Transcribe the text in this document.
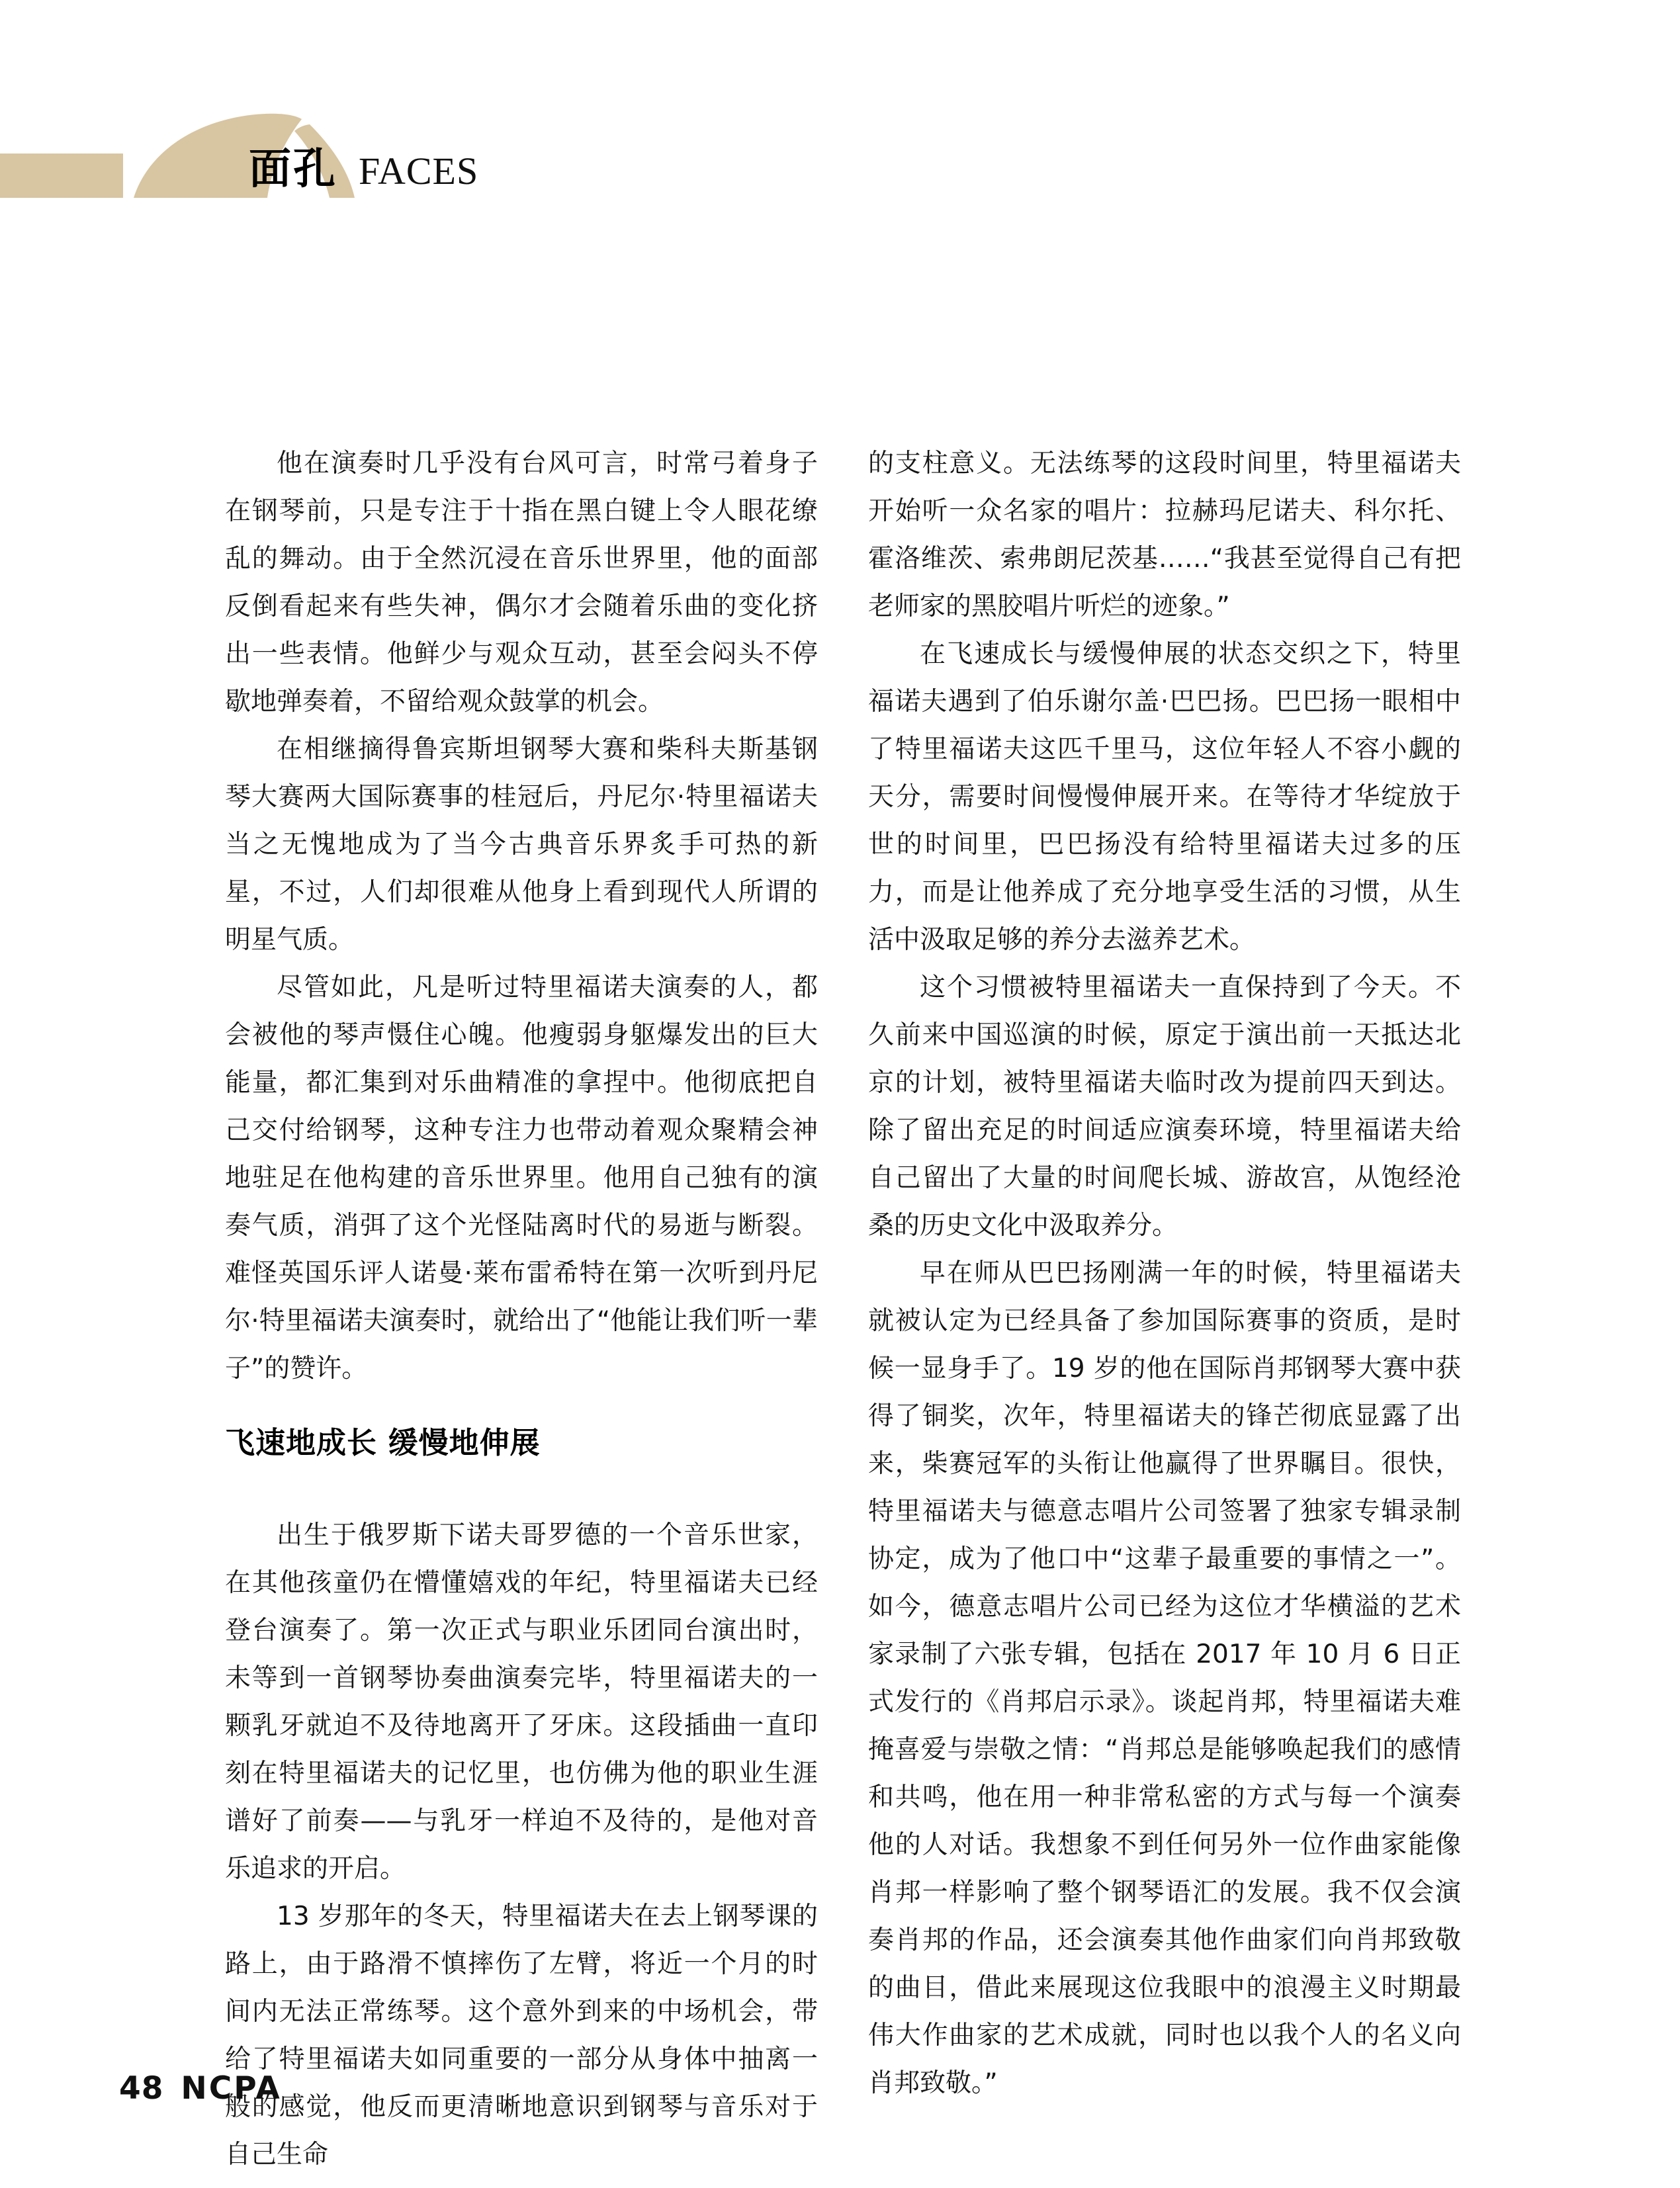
面孔 FACES

他在演奏时几乎没有台风可言，时常弓着身子在钢琴前，只是专注于十指在黑白键上令人眼花缭乱的舞动。由于全然沉浸在音乐世界里，他的面部反倒看起来有些失神，偶尔才会随着乐曲的变化挤出一些表情。他鲜少与观众互动，甚至会闷头不停歇地弹奏着，不留给观众鼓掌的机会。

在相继摘得鲁宾斯坦钢琴大赛和柴科夫斯基钢琴大赛两大国际赛事的桂冠后，丹尼尔·特里福诺夫当之无愧地成为了当今古典音乐界炙手可热的新星，不过，人们却很难从他身上看到现代人所谓的明星气质。

尽管如此，凡是听过特里福诺夫演奏的人，都会被他的琴声慑住心魄。他瘦弱身躯爆发出的巨大能量，都汇集到对乐曲精准的拿捏中。他彻底把自己交付给钢琴，这种专注力也带动着观众聚精会神地驻足在他构建的音乐世界里。他用自己独有的演奏气质，消弭了这个光怪陆离时代的易逝与断裂。难怪英国乐评人诺曼·莱布雷希特在第一次听到丹尼尔·特里福诺夫演奏时，就给出了“他能让我们听一辈子”的赞许。

飞速地成长 缓慢地伸展

出生于俄罗斯下诺夫哥罗德的一个音乐世家，在其他孩童仍在懵懂嬉戏的年纪，特里福诺夫已经登台演奏了。第一次正式与职业乐团同台演出时，未等到一首钢琴协奏曲演奏完毕，特里福诺夫的一颗乳牙就迫不及待地离开了牙床。这段插曲一直印刻在特里福诺夫的记忆里，也仿佛为他的职业生涯谱好了前奏——与乳牙一样迫不及待的，是他对音乐追求的开启。

13 岁那年的冬天，特里福诺夫在去上钢琴课的路上，由于路滑不慎摔伤了左臂，将近一个月的时间内无法正常练琴。这个意外到来的中场机会，带给了特里福诺夫如同重要的一部分从身体中抽离一般的感觉，他反而更清晰地意识到钢琴与音乐对于自己生命

的支柱意义。无法练琴的这段时间里，特里福诺夫开始听一众名家的唱片：拉赫玛尼诺夫、科尔托、霍洛维茨、索弗朗尼茨基……“我甚至觉得自己有把老师家的黑胶唱片听烂的迹象。”

在飞速成长与缓慢伸展的状态交织之下，特里福诺夫遇到了伯乐谢尔盖·巴巴扬。巴巴扬一眼相中了特里福诺夫这匹千里马，这位年轻人不容小觑的天分，需要时间慢慢伸展开来。在等待才华绽放于世的时间里，巴巴扬没有给特里福诺夫过多的压力，而是让他养成了充分地享受生活的习惯，从生活中汲取足够的养分去滋养艺术。

这个习惯被特里福诺夫一直保持到了今天。不久前来中国巡演的时候，原定于演出前一天抵达北京的计划，被特里福诺夫临时改为提前四天到达。除了留出充足的时间适应演奏环境，特里福诺夫给自己留出了大量的时间爬长城、游故宫，从饱经沧桑的历史文化中汲取养分。

早在师从巴巴扬刚满一年的时候，特里福诺夫就被认定为已经具备了参加国际赛事的资质，是时候一显身手了。19 岁的他在国际肖邦钢琴大赛中获得了铜奖，次年，特里福诺夫的锋芒彻底显露了出来，柴赛冠军的头衔让他赢得了世界瞩目。很快，特里福诺夫与德意志唱片公司签署了独家专辑录制协定，成为了他口中“这辈子最重要的事情之一”。如今，德意志唱片公司已经为这位才华横溢的艺术家录制了六张专辑，包括在 2017 年 10 月 6 日正式发行的《肖邦启示录》。谈起肖邦，特里福诺夫难掩喜爱与崇敬之情：“肖邦总是能够唤起我们的感情和共鸣，他在用一种非常私密的方式与每一个演奏他的人对话。我想象不到任何另外一位作曲家能像肖邦一样影响了整个钢琴语汇的发展。我不仅会演奏肖邦的作品，还会演奏其他作曲家们向肖邦致敬的曲目，借此来展现这位我眼中的浪漫主义时期最伟大作曲家的艺术成就，同时也以我个人的名义向肖邦致敬。”

48 NCPA
